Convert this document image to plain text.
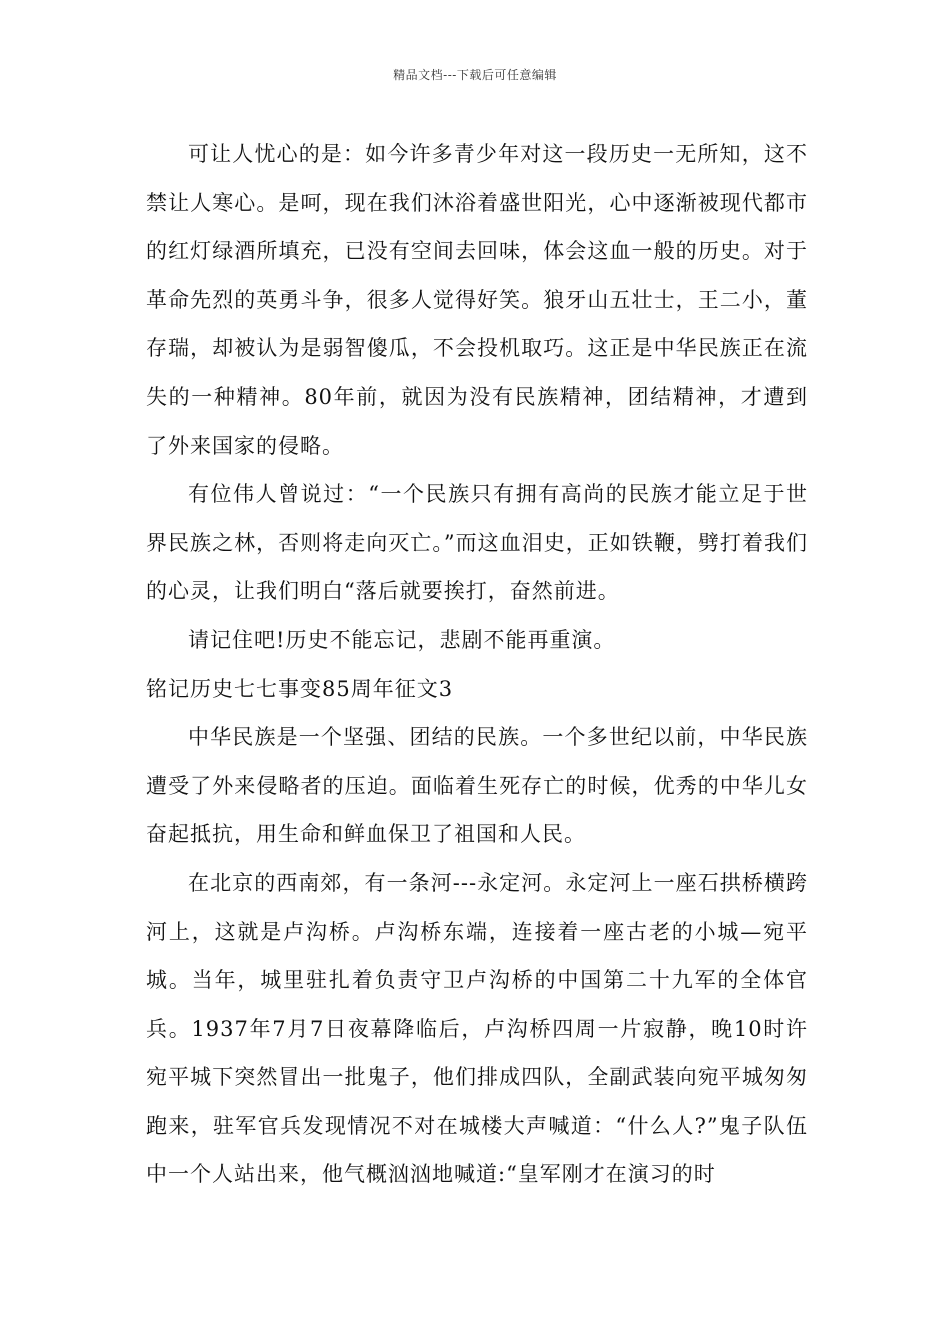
精品文档---下载后可任意编辑

可让人忧心的是：如今许多青少年对这一段历史一无所知，这不禁让人寒心。是呵，现在我们沐浴着盛世阳光，心中逐渐被现代都市的红灯绿酒所填充，已没有空间去回味，体会这血一般的历史。对于革命先烈的英勇斗争，很多人觉得好笑。狼牙山五壮士，王二小，董存瑞，却被认为是弱智傻瓜，不会投机取巧。这正是中华民族正在流失的一种精神。80年前，就因为没有民族精神，团结精神，才遭到了外来国家的侵略。

有位伟人曾说过：“一个民族只有拥有高尚的民族才能立足于世界民族之林，否则将走向灭亡。”而这血泪史，正如铁鞭，劈打着我们的心灵，让我们明白“落后就要挨打，奋然前进。

请记住吧!历史不能忘记，悲剧不能再重演。

铭记历史七七事变85周年征文3

中华民族是一个坚强、团结的民族。一个多世纪以前，中华民族遭受了外来侵略者的压迫。面临着生死存亡的时候，优秀的中华儿女奋起抵抗，用生命和鲜血保卫了祖国和人民。

在北京的西南郊，有一条河---永定河。永定河上一座石拱桥横跨河上，这就是卢沟桥。卢沟桥东端，连接着一座古老的小城—宛平城。当年，城里驻扎着负责守卫卢沟桥的中国第二十九军的全体官兵。1937年7月7日夜幕降临后，卢沟桥四周一片寂静，晚10时许宛平城下突然冒出一批鬼子，他们排成四队，全副武装向宛平城匆匆跑来，驻军官兵发现情况不对在城楼大声喊道：“什么人?”鬼子队伍中一个人站出来，他气概汹汹地喊道:“皇军刚才在演习的时
